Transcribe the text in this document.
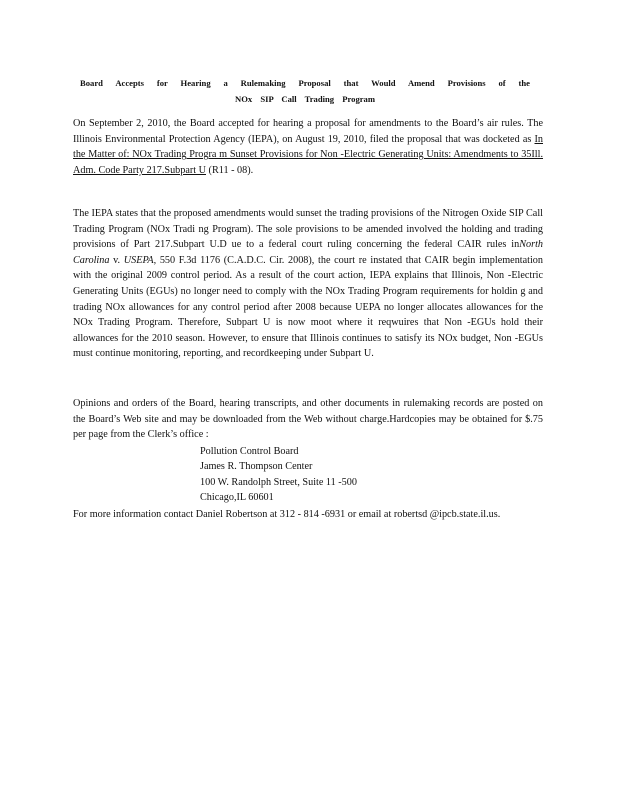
Board Accepts for Hearing a Rulemaking Proposal that Would Amend Provisions of the
NOx SIP Call Trading Program
On September 2, 2010, the Board accepted for hearing a proposal for amendments to the Board’s air rules. The Illinois Environmental Protection Agency (IEPA), on August 19, 2010, filed the proposal that was docketed as In the Matter of: NOx Trading Progra m Sunset Provisions for Non -Electric Generating Units: Amendments to 35Ill. Adm. Code Party 217.Subpart U (R11 - 08).
The IEPA states that the proposed amendments would sunset the trading provisions of the Nitrogen Oxide SIP Call Trading Program (NOx Tradi ng Program). The sole provisions to be amended involved the holding and trading provisions of Part 217.Subpart U.D ue to a federal court ruling concerning the federal CAIR rules inNorth Carolina v. USEPA, 550 F.3d 1176 (C.A.D.C. Cir. 2008), the court re instated that CAIR begin implementation with the original 2009 control period. As a result of the court action, IEPA explains that Illinois, Non -Electric Generating Units (EGUs) no longer need to comply with the NOx Trading Program requirements for holdin g and trading NOx allowances for any control period after 2008 because UEPA no longer allocates allowances for the NOx Trading Program. Therefore, Subpart U is now moot where it reqwuires that Non -EGUs hold their allowances for the 2010 season. However, to ensure that Illinois continues to satisfy its NOx budget, Non -EGUs must continue monitoring, reporting, and recordkeeping under Subpart U.
Opinions and orders of the Board, hearing transcripts, and other documents in rulemaking records are posted on the Board’s Web site and may be downloaded from the Web without charge.Hardcopies may be obtained for $.75 per page from the Clerk’s office :
Pollution Control Board
James R. Thompson Center
100 W. Randolph Street, Suite 11 -500
Chicago,IL 60601
For more information contact Daniel Robertson at 312 - 814 -6931 or email at robertsd @ipcb.state.il.us.
